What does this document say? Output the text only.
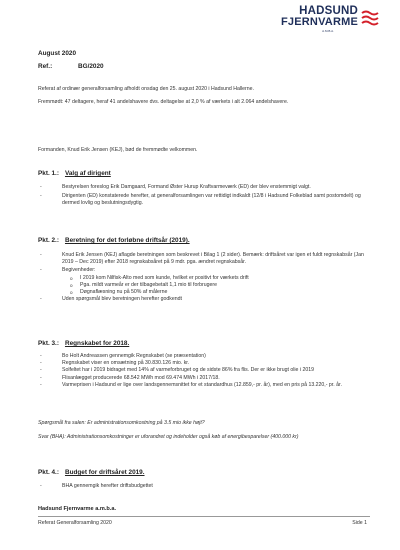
HADSUND
FJERNVARME
A.M.B.A.
August 2020
Ref.:	BG/2020
Referat af ordinær generalforsamling afholdt onsdag den 25. august 2020 i Hadsund Hallerne.
Fremmødt: 47 deltagere, heraf 41 andelshavere dvs. deltagelse at 2,0 % af værkets i alt 2.064 andelshavere.
Formanden, Knud Erik Jensen (KEJ), bød de fremmødte velkommen.
Pkt. 1.: Valg af dirigent
- Bestyrelsen foreslog Erik Damgaard, Formand Øster Hurup Kraftvarmeværk (ED) der blev enstemmigt valgt.
- Dirigenten (ED) konstaterede herefter, at generalforsamlingen var rettidigt indkaldt (12/8 i Hadsund Folkeblad samt postomdelt) og dermed lovlig og beslutningsdygtig.
Pkt. 2.: Beretning for det forløbne driftsår (2019).
- Knud Erik Jensen (KEJ) aflagde beretningen som beskrevet i Bilag 1 (2 sider). Bemærk: driftsåret var igen et fuldt regnskabsår (Jan 2019 – Dec 2019) efter 2018 regnskabsåret på 9 mdr. pga. ændret regnskabsår.
- Begivenheder:
o I 2019 kom Nilfisk-Alto med som kunde, hvilket er positivt for værkets drift
o Pga. mildt varmeår er der tilbagebetalt 1,1 mio til forbrugere
o Døgnaflæsning nu på 50% af målerne
- Uden spørgsmål blev beretningen herefter godkendt
Pkt. 3.: Regnskabet for 2018.
- Bo Holt Andreassen gennemgik Regnskabet (se præsentation)
- Regnskabet viser en omsætning på 30.830.126 mio. kr.
- Solfeltet har i 2019 bidraget med 14% af varmeforbruget og de sidste 86% fra flis. Der er ikke brugt olie i 2019
- Flisanlægget producerede 68.542 MWh mod 69.474 MWh i 2017/18.
- Varmeprisen i Hadsund er lige over landsgennemsnittet for et standardhus (12.859,- pr. år), med en pris på 13.220,- pr. år.
Spørgsmål fra salen: Er administrationsomkostning på 3.5 mio ikke højt?
Svar (BHA): Administrationsomkostninger er uforandret og indeholder også køb af energibesparelser (400.000 kr)
Pkt. 4.: Budget for driftsåret 2019.
- BHA gennemgik herefter driftsbudgettet
Hadsund Fjernvarme a.m.b.a.
Referat Generalforsamling 2020	Side 1
